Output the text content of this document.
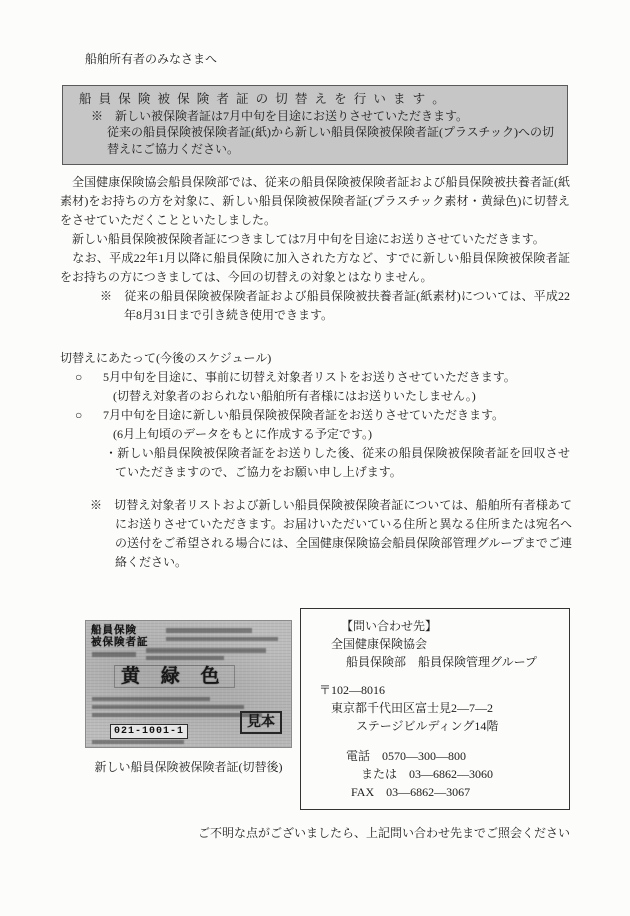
船舶所有者のみなさまへ
船 員 保 険 被 保 険 者 証 の 切 替 え を 行 い ま す 。
※　新しい被保険者証は7月中旬を目途にお送りさせていただきます。
従来の船員保険被保険者証(紙)から新しい船員保険被保険者証(プラスチック)への切替えにご協力ください。
　全国健康保険協会船員保険部では、従来の船員保険被保険者証および船員保険被扶養者証(紙素材)をお持ちの方を対象に、新しい船員保険被保険者証(プラスチック素材・黄緑色)に切替えをさせていただくことといたしました。
　新しい船員保険被保険者証につきましては7月中旬を目途にお送りさせていただきます。
　なお、平成22年1月以降に船員保険に加入された方など、すでに新しい船員保険被保険者証をお持ちの方につきましては、今回の切替えの対象とはなりません。
※　従来の船員保険被保険者証および船員保険被扶養者証(紙素材)については、平成22年8月31日まで引き続き使用できます。
切替えにあたって(今後のスケジュール)
○	5月中旬を目途に、事前に切替え対象者リストをお送りさせていただきます。
(切替え対象者のおられない船舶所有者様にはお送りいたしません。)
○	7月中旬を目途に新しい船員保険被保険者証をお送りさせていただきます。
(6月上旬頃のデータをもとに作成する予定です。)
・新しい船員保険被保険者証をお送りした後、従来の船員保険被保険者証を回収させていただきますので、ご協力をお願い申し上げます。
※　切替え対象者リストおよび新しい船員保険被保険者証については、船舶所有者様あてにお送りさせていただきます。お届けいただいている住所と異なる住所または宛名への送付をご希望される場合には、全国健康保険協会船員保険部管理グループまでご連絡ください。
船員保険
被保険者証
黄 緑 色
021-1001-1
見本
新しい船員保険被保険者証(切替後)
【問い合わせ先】
全国健康保険協会
船員保険部　船員保険管理グループ
〒102―8016
東京都千代田区富士見2―7―2
ステージビルディング14階
電話　0570―300―800
または　03―6862―3060
FAX　03―6862―3067
ご不明な点がございましたら、上記問い合わせ先までご照会ください
